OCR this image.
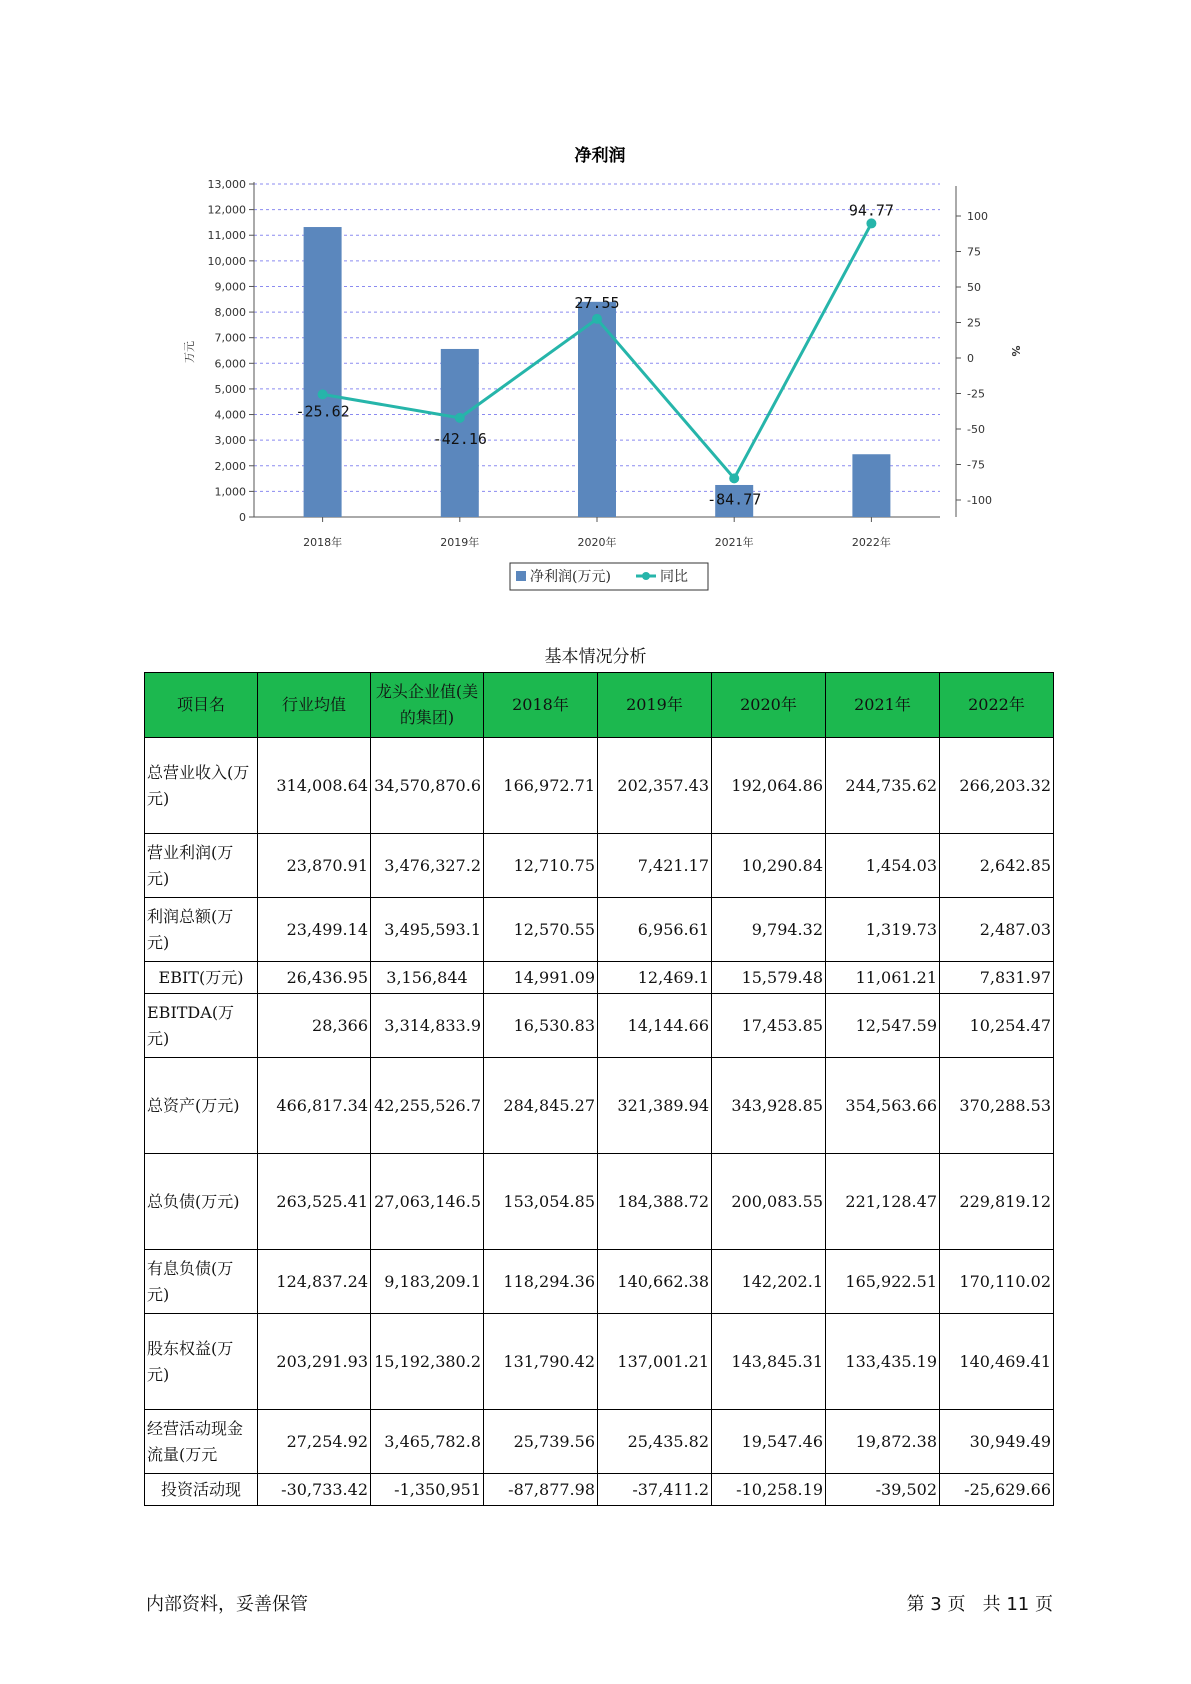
净利润
0
1,000
2,000
3,000
4,000
5,000
6,000
7,000
8,000
9,000
10,000
11,000
12,000
13,000
100
75
50
25
0
-25
-50
-75
-100
万元	%
2018年	2019年	2020年	2021年	2022年
-25.62
-42.16
27.55
-84.77
94.77
净利润(万元)	同比
基本情况分析
项目名	行业均值	龙头企业值(美的集团)	2018年	2019年	2020年	2021年	2022年
总营业收入(万元)	314,008.64	34,570,870.6	166,972.71	202,357.43	192,064.86	244,735.62	266,203.32
营业利润(万元)	23,870.91	3,476,327.2	12,710.75	7,421.17	10,290.84	1,454.03	2,642.85
利润总额(万元)	23,499.14	3,495,593.1	12,570.55	6,956.61	9,794.32	1,319.73	2,487.03
EBIT(万元)	26,436.95	3,156,844	14,991.09	12,469.1	15,579.48	11,061.21	7,831.97
EBITDA(万元)	28,366	3,314,833.9	16,530.83	14,144.66	17,453.85	12,547.59	10,254.47
总资产(万元)	466,817.34	42,255,526.7	284,845.27	321,389.94	343,928.85	354,563.66	370,288.53
总负债(万元)	263,525.41	27,063,146.5	153,054.85	184,388.72	200,083.55	221,128.47	229,819.12
有息负债(万元)	124,837.24	9,183,209.1	118,294.36	140,662.38	142,202.1	165,922.51	170,110.02
股东权益(万元)	203,291.93	15,192,380.2	131,790.42	137,001.21	143,845.31	133,435.19	140,469.41
经营活动现金流量(万元	27,254.92	3,465,782.8	25,739.56	25,435.82	19,547.46	19,872.38	30,949.49
投资活动现	-30,733.42	-1,350,951	-87,877.98	-37,411.2	-10,258.19	-39,502	-25,629.66
内部资料，妥善保管	第 3 页   共 11 页
